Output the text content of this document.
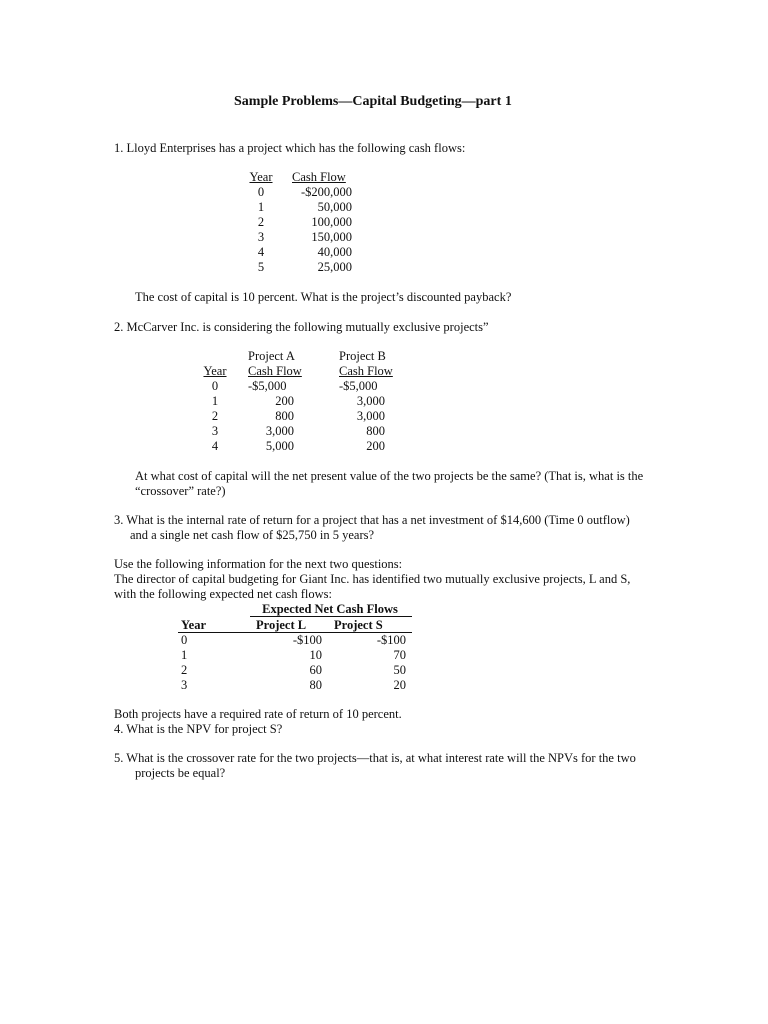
Sample Problems—Capital Budgeting—part 1
1. Lloyd Enterprises has a project which has the following cash flows:
Year
0
1
2
3
4
5
Cash Flow
-$200,000
50,000
100,000
150,000
40,000
25,000
The cost of capital is 10 percent. What is the project’s discounted payback?
2. McCarver Inc. is considering the following mutually exclusive projects”
Year
0
1
2
3
4
Project A
Cash Flow
-$5,000
200
800
3,000
5,000
Project B
Cash Flow
-$5,000
3,000
3,000
800
200
At what cost of capital will the net present value of the two projects be the same? (That is, what is the
“crossover” rate?)
3. What is the internal rate of return for a project that has a net investment of $14,600 (Time 0 outflow)
and a single net cash flow of $25,750 in 5 years?
Use the following information for the next two questions:
The director of capital budgeting for Giant Inc. has identified two mutually exclusive projects, L and S,
with the following expected net cash flows:
Expected Net Cash Flows
Year	Project L Project S
0
1
2
3
-$100
10
60
80
-$100
70
50
20
Both projects have a required rate of return of 10 percent.
4. What is the NPV for project S?
5. What is the crossover rate for the two projects—that is, at what interest rate will the NPVs for the two
projects be equal?
